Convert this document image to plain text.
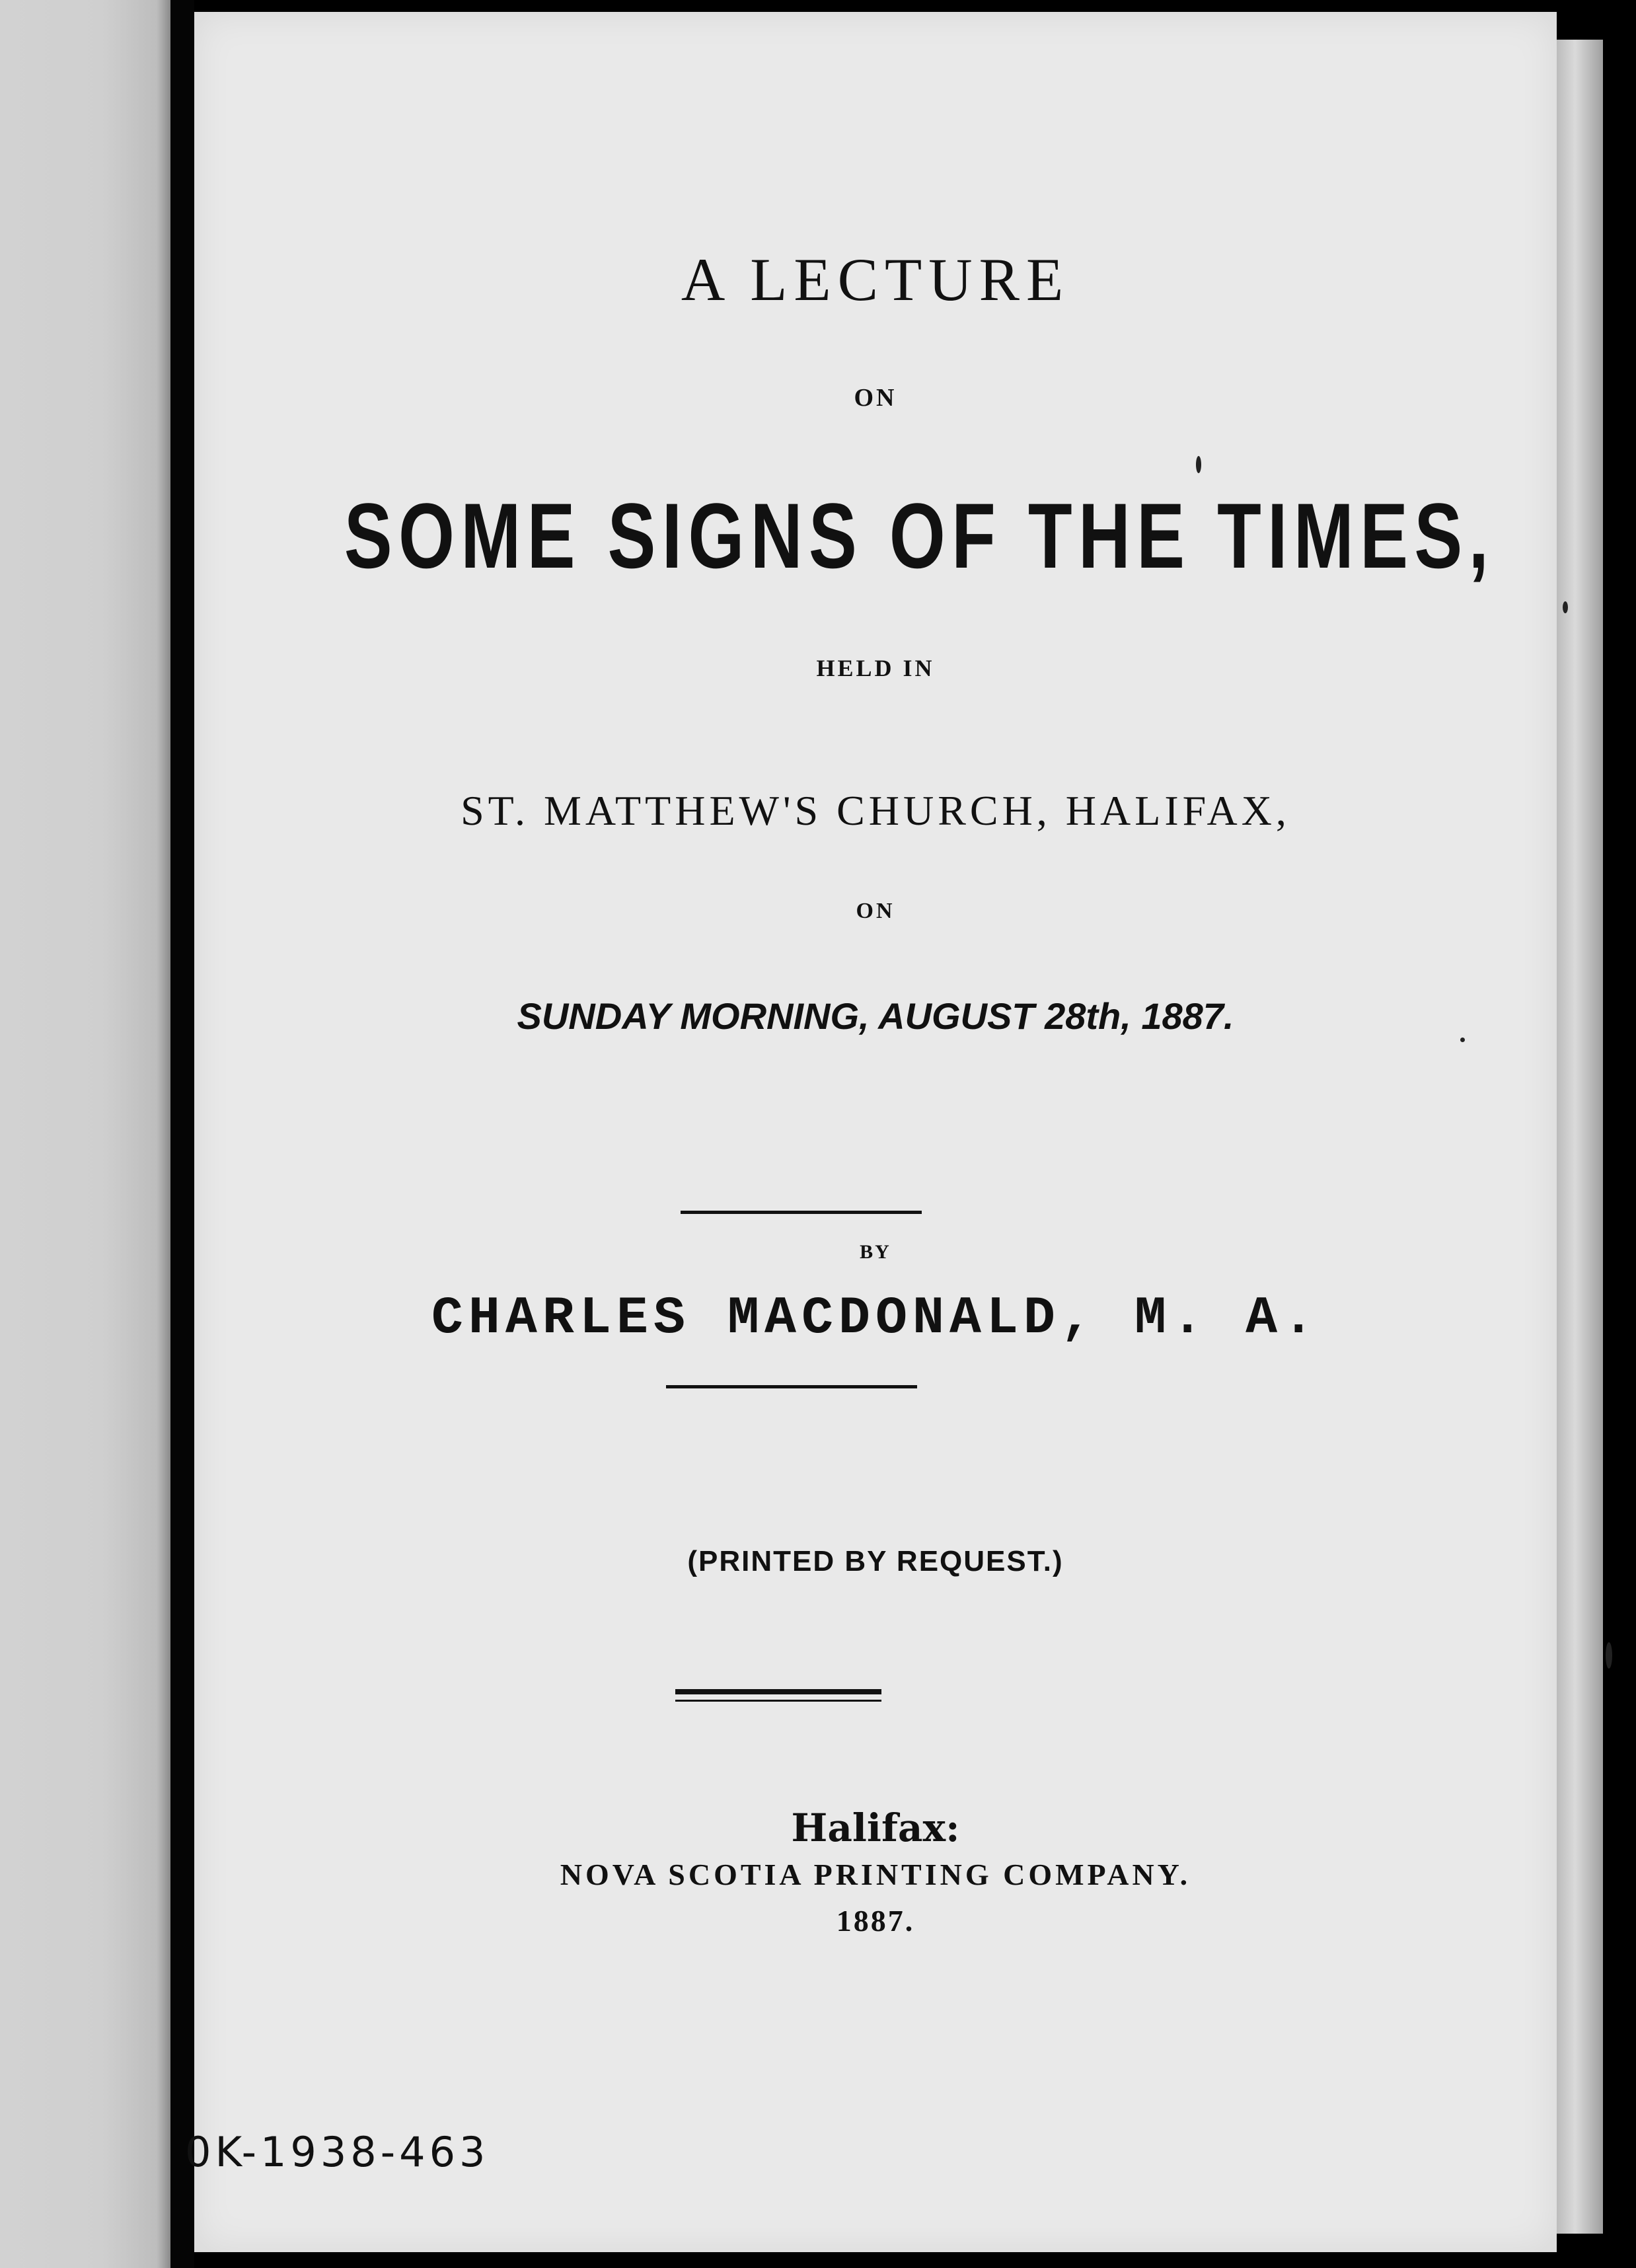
A LECTURE

ON

SOME SIGNS OF THE TIMES,

HELD IN

ST. MATTHEW'S CHURCH, HALIFAX,

ON

SUNDAY MORNING, AUGUST 28th, 1887.

BY

CHARLES MACDONALD, M. A.

(PRINTED BY REQUEST.)

Halifax:

NOVA SCOTIA PRINTING COMPANY.

1887.

0K-1938-463
